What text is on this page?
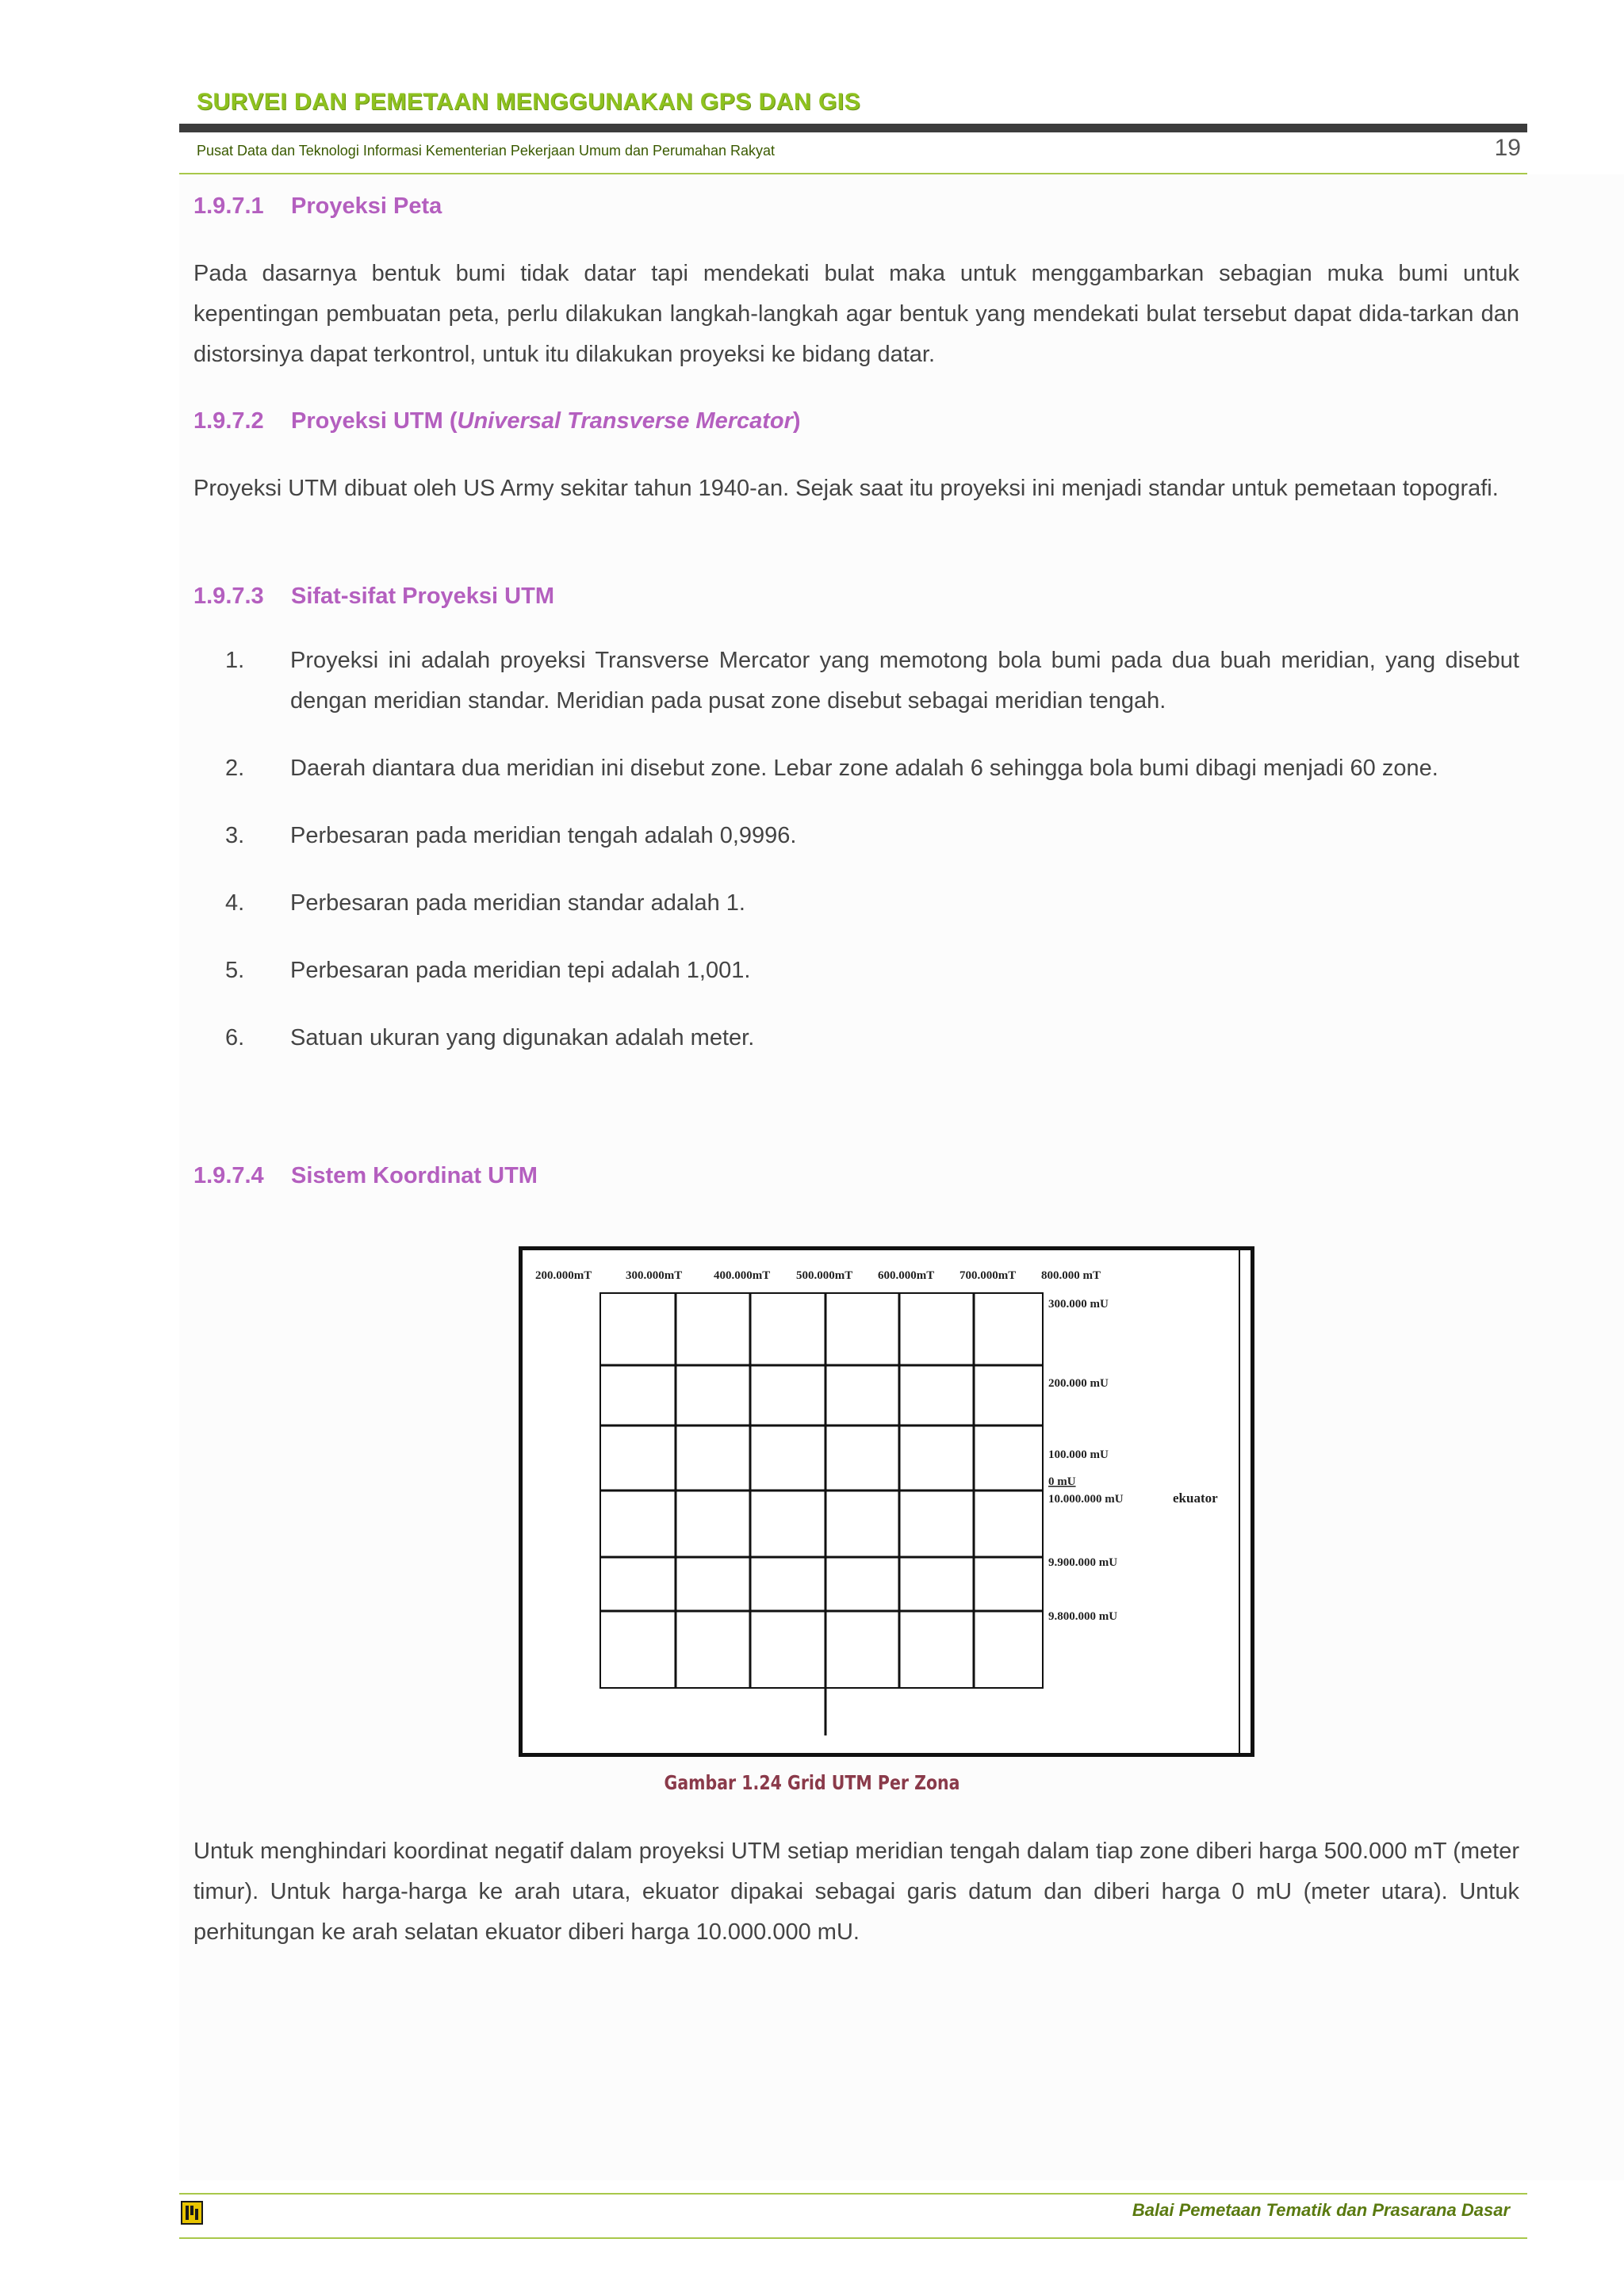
SURVEI DAN PEMETAAN MENGGUNAKAN GPS DAN GIS
Pusat Data dan Teknologi Informasi Kementerian Pekerjaan Umum dan Perumahan Rakyat	19
1.9.7.1 Proyeksi Peta
Pada dasarnya bentuk bumi tidak datar tapi mendekati bulat maka untuk menggambarkan sebagian muka bumi untuk kepentingan pembuatan peta, perlu dilakukan langkah-langkah agar bentuk yang mendekati bulat tersebut dapat dida-tarkan dan distorsinya dapat terkontrol, untuk itu dilakukan proyeksi ke bidang datar.
1.9.7.2 Proyeksi UTM (Universal Transverse Mercator)
Proyeksi UTM dibuat oleh US Army sekitar tahun 1940-an. Sejak saat itu proyeksi ini menjadi standar untuk pemetaan topografi.
1.9.7.3 Sifat-sifat Proyeksi UTM
1. Proyeksi ini adalah proyeksi Transverse Mercator yang memotong bola bumi pada dua buah meridian, yang disebut dengan meridian standar. Meridian pada pusat zone disebut sebagai meridian tengah.
2. Daerah diantara dua meridian ini disebut zone. Lebar zone adalah 6 sehingga bola bumi dibagi menjadi 60 zone.
3. Perbesaran pada meridian tengah adalah 0,9996.
4. Perbesaran pada meridian standar adalah 1.
5. Perbesaran pada meridian tepi adalah 1,001.
6. Satuan ukuran yang digunakan adalah meter.
1.9.7.4 Sistem Koordinat UTM
200.000mT	300.000mT	400.000mT 500.000mT 600.000mT 700.000mT 800.000 mT
300.000 mU
200.000 mU
100.000 mU
0 mU
10.000.000 mU
9.900.000 mU
9.800.000 mU
ekuator
Gambar 1.24 Grid UTM Per Zona
Untuk menghindari koordinat negatif dalam proyeksi UTM setiap meridian tengah dalam tiap zone diberi harga 500.000 mT (meter timur). Untuk harga-harga ke arah utara, ekuator dipakai sebagai garis datum dan diberi harga 0 mU (meter utara). Untuk perhitungan ke arah selatan ekuator diberi harga 10.000.000 mU.
Balai Pemetaan Tematik dan Prasarana Dasar
